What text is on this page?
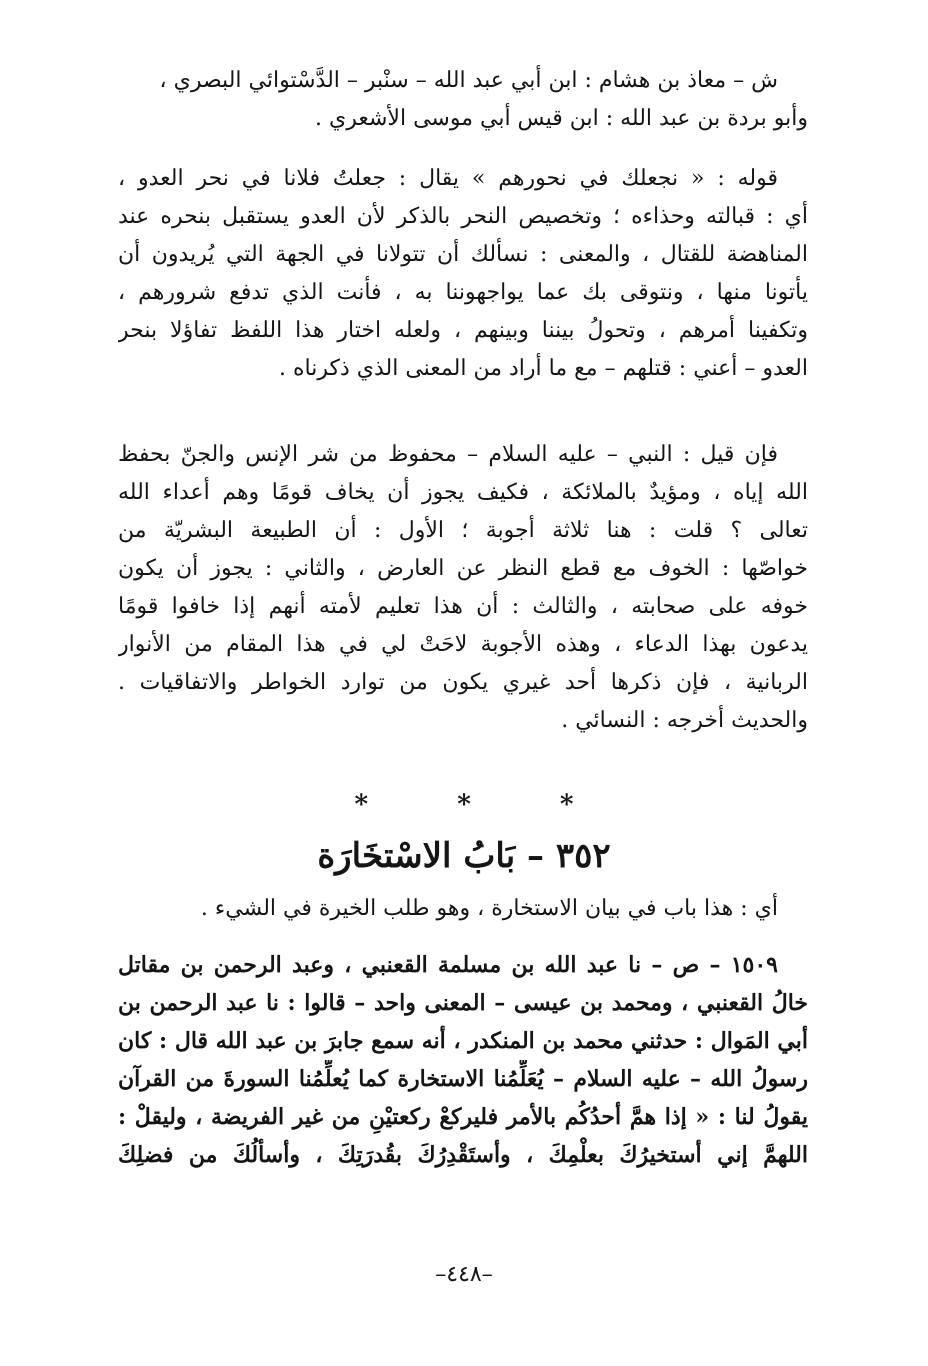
ش – معاذ بن هشام : ابن أبي عبد الله – سنْبر – الدَّسْتوائي البصري ،
وأبو بردة بن عبد الله : ابن قيس أبي موسى الأشعري .
قوله : « نجعلك في نحورهم » يقال : جعلتُ فلانا في نحر العدو ،
أي : قبالته وحذاءه ؛ وتخصيص النحر بالذكر لأن العدو يستقبل بنحره عند
المناهضة للقتال ، والمعنى : نسألك أن تتولانا في الجهة التي يُريدون أن
يأتونا منها ، ونتوقى بك عما يواجهوننا به ، فأنت الذي تدفع شرورهم ،
وتكفينا أمرهم ، وتحولُ بيننا وبينهم ، ولعله اختار هذا اللفظ تفاؤلا بنحر
العدو – أعني : قتلهم – مع ما أراد من المعنى الذي ذكرناه .
فإن قيل : النبي – عليه السلام – محفوظ من شر الإنس والجنّ بحفظ
الله إياه ، ومؤيدٌ بالملائكة ، فكيف يجوز أن يخاف قومًا وهم أعداء الله
تعالى ؟ قلت : هنا ثلاثة أجوبة ؛ الأول : أن الطبيعة البشريّة من
خواصّها : الخوف مع قطع النظر عن العارض ، والثاني : يجوز أن يكون
خوفه على صحابته ، والثالث : أن هذا تعليم لأمته أنهم إذا خافوا قومًا
يدعون بهذا الدعاء ، وهذه الأجوبة لاحَتْ لي في هذا المقام من الأنوار
الربانية ، فإن ذكرها أحد غيري يكون من توارد الخواطر والاتفاقيات .
والحديث أخرجه : النسائي .
* * *
٣٥٢ – بَابُ الاسْتخَارَة
أي : هذا باب في بيان الاستخارة ، وهو طلب الخيرة في الشيء .
١٥٠٩ – ص – نا عبد الله بن مسلمة القعنبي ، وعبد الرحمن بن مقاتل
خالُ القعنبي ، ومحمد بن عيسى – المعنى واحد – قالوا : نا عبد الرحمن بن
أبي المَوال : حدثني محمد بن المنكدر ، أنه سمع جابرَ بن عبد الله قال : كان
رسولُ الله – عليه السلام – يُعَلِّمُنا الاستخارة كما يُعلِّمُنا السورةَ من القرآن
يقولُ لنا : « إذا همَّ أحدُكُم بالأمر فليركعْ ركعتيْنِ من غير الفريضة ، وليقلْ :
اللهمَّ إني أستخيرُكَ بعلْمِكَ ، وأستَقْدِرُكَ بقُدرَتِكَ ، وأسألُكَ من فضلِكَ
–٤٤٨–
